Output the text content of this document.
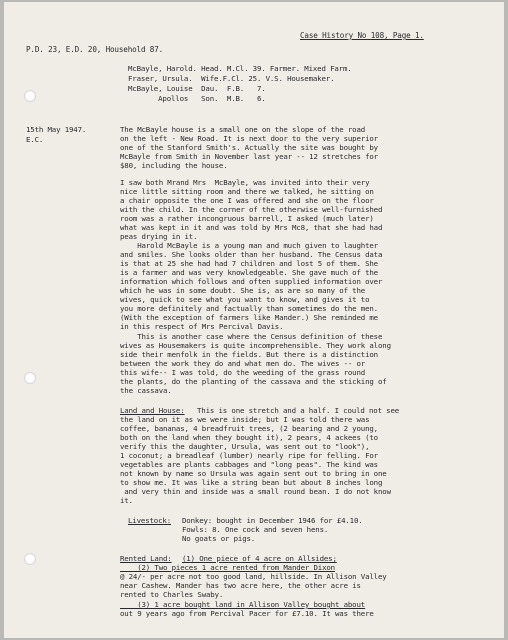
Case History No 108, Page 1.
P.D. 23, E.D. 20, Household 87.
McBayle, Harold. Head. M.Cl. 39. Farmer. Mixed Farm.
Fraser, Ursula.  Wife.F.Cl. 25. V.S. Housemaker.
McBayle, Louise  Dau.  F.B.   7.
Apollos   Son.  M.B.   6.
15th May 1947.
E.C.
The McBayle house is a small one on the slope of the road
on the left - New Road. It is next door to the very superior
one of the Stanford Smith's. Actually the site was bought by
McBayle from Smith in November last year -- 12 stretches for
$80, including the house.
I saw both Mrand Mrs  McBayle, was invited into their very
nice little sitting room and there we talked, he sitting on
a chair opposite the one I was offered and she on the floor
with the child. In the corner of the otherwise well-furnished
room was a rather incongruous barrell, I asked (much later)
what was kept in it and was told by Mrs Mc8, that she had had
peas drying in it.
Harold McBayle is a young man and much given to laughter
and smiles. She looks older than her husband. The Census data
is that at 25 she had had 7 children and lost 5 of them. She
is a farmer and was very knowledgeable. She gave much of the
information which follows and often supplied information over
which he was in some doubt. She is, as are so many of the
wives, quick to see what you want to know, and gives it to
you more definitely and factually than sometimes do the men.
(With the exception of farmers like Mander.) She reminded me
in this respect of Mrs Percival Davis.
This is another case where the Census definition of these
wives as Housemakers is quite incomprehensible. They work along
side their menfolk in the fields. But there is a distinction
between the work they do and what men do. The wives -- or
this wife-- I was told, do the weeding of the grass round
the plants, do the planting of the cassava and the sticking of
the cassava.
Land and House: This is one stretch and a half. I could not see
the land on it as we were inside; but I was told there was
coffee, bananas, 4 breadfruit trees, (2 bearing and 2 young,
both on the land when they bought it), 2 pears, 4 ackees (to
verify this the daughter, Ursula, was sent out to "look"),
1 coconut; a breadleaf (lumber) nearly ripe for felling. For
vegetables are plants cabbages and "long peas". The kind was
not known by name so Ursula was again sent out to bring in one
to show me. It was like a string bean but about 8 inches long
and very thin and inside was a small round bean. I do not know
it.
Livestock: Donkey: bought in December 1946 for £4.10.
Fowls: 8. One cock and seven hens.
No goats or pigs.
Rented Land: (1) One piece of 4 acre on Allsides;
(2) Two pieces 1 acre rented from Mander Dixon
@ 24/- per acre not too good land, hillside. In Allison Valley
near Cashew. Mander has two acre here, the other acre is
rented to Charles Swaby.
(3) 1 acre bought land in Allison Valley bought about
out 9 years ago from Percival Pacer for £7.10. It was there
